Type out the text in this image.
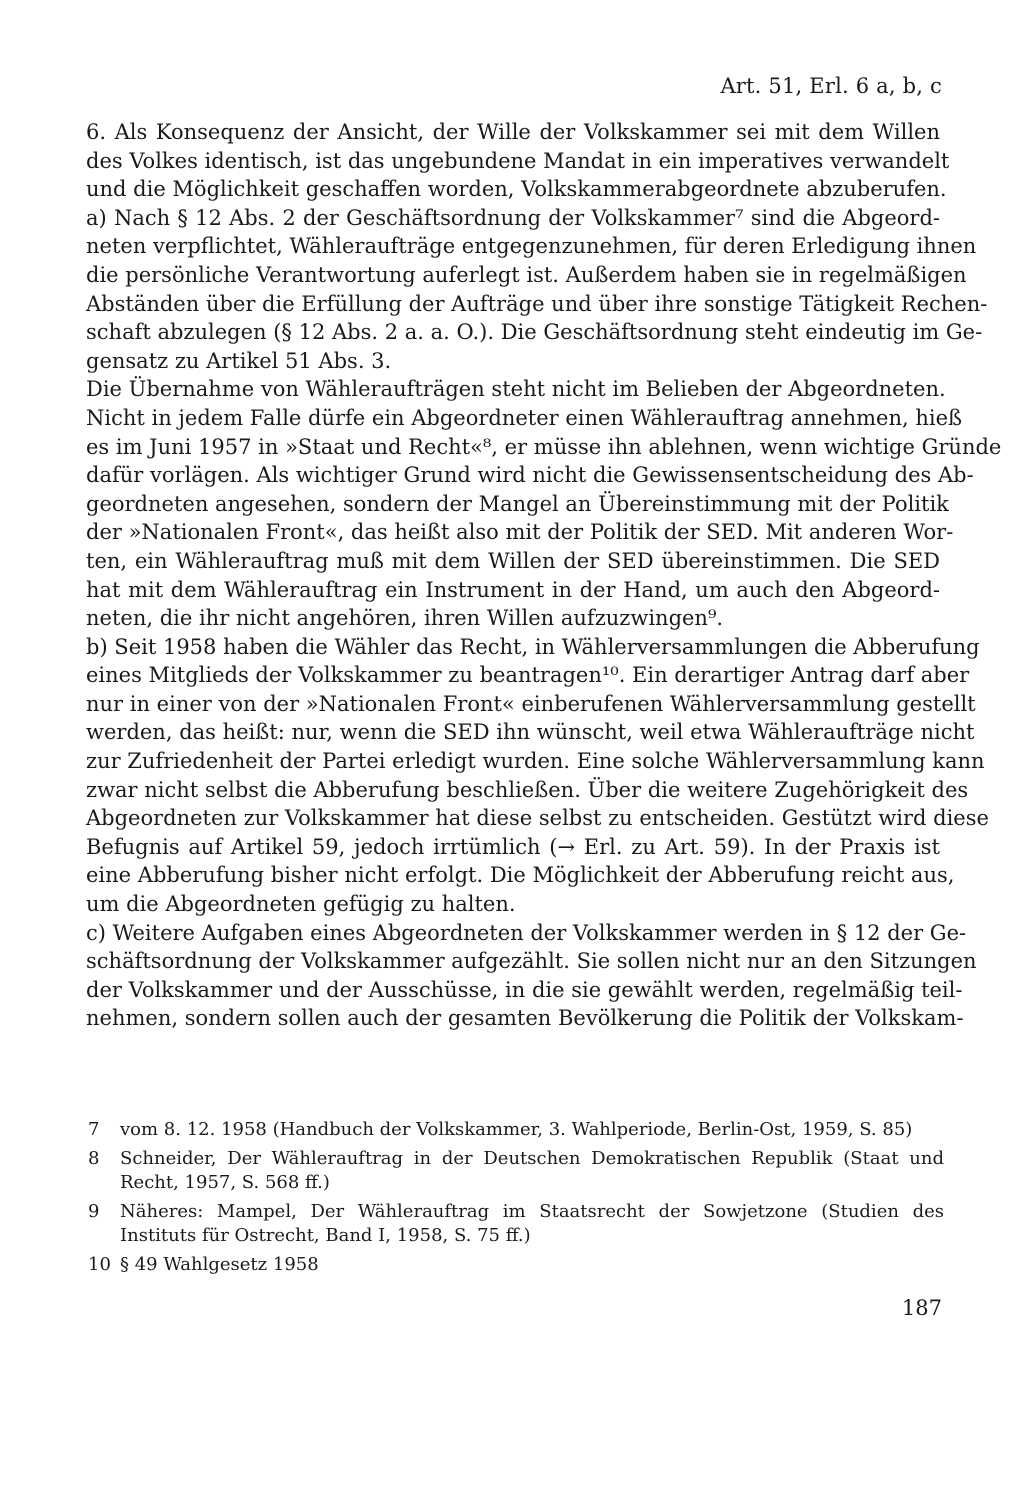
Art. 51, Erl. 6 a, b, c
6. Als Konsequenz der Ansicht, der Wille der Volkskammer sei mit dem Willen
des Volkes identisch, ist das ungebundene Mandat in ein imperatives verwandelt
und die Möglichkeit geschaffen worden, Volkskammerabgeordnete abzuberufen.
a) Nach § 12 Abs. 2 der Geschäftsordnung der Volkskammer⁷ sind die Abgeord-
neten verpflichtet, Wähleraufträge entgegenzunehmen, für deren Erledigung ihnen
die persönliche Verantwortung auferlegt ist. Außerdem haben sie in regelmäßigen
Abständen über die Erfüllung der Aufträge und über ihre sonstige Tätigkeit Rechen-
schaft abzulegen (§ 12 Abs. 2 a. a. O.). Die Geschäftsordnung steht eindeutig im Ge-
gensatz zu Artikel 51 Abs. 3.
Die Übernahme von Wähleraufträgen steht nicht im Belieben der Abgeordneten.
Nicht in jedem Falle dürfe ein Abgeordneter einen Wählerauftrag annehmen, hieß
es im Juni 1957 in »Staat und Recht«⁸, er müsse ihn ablehnen, wenn wichtige Gründe
dafür vorlägen. Als wichtiger Grund wird nicht die Gewissensentscheidung des Ab-
geordneten angesehen, sondern der Mangel an Übereinstimmung mit der Politik
der »Nationalen Front«, das heißt also mit der Politik der SED. Mit anderen Wor-
ten, ein Wählerauftrag muß mit dem Willen der SED übereinstimmen. Die SED
hat mit dem Wählerauftrag ein Instrument in der Hand, um auch den Abgeord-
neten, die ihr nicht angehören, ihren Willen aufzuzwingen⁹.
b) Seit 1958 haben die Wähler das Recht, in Wählerversammlungen die Abberufung
eines Mitglieds der Volkskammer zu beantragen¹⁰. Ein derartiger Antrag darf aber
nur in einer von der »Nationalen Front« einberufenen Wählerversammlung gestellt
werden, das heißt: nur, wenn die SED ihn wünscht, weil etwa Wähleraufträge nicht
zur Zufriedenheit der Partei erledigt wurden. Eine solche Wählerversammlung kann
zwar nicht selbst die Abberufung beschließen. Über die weitere Zugehörigkeit des
Abgeordneten zur Volkskammer hat diese selbst zu entscheiden. Gestützt wird diese
Befugnis auf Artikel 59, jedoch irrtümlich (→ Erl. zu Art. 59). In der Praxis ist
eine Abberufung bisher nicht erfolgt. Die Möglichkeit der Abberufung reicht aus,
um die Abgeordneten gefügig zu halten.
c) Weitere Aufgaben eines Abgeordneten der Volkskammer werden in § 12 der Ge-
schäftsordnung der Volkskammer aufgezählt. Sie sollen nicht nur an den Sitzungen
der Volkskammer und der Ausschüsse, in die sie gewählt werden, regelmäßig teil-
nehmen, sondern sollen auch der gesamten Bevölkerung die Politik der Volkskam-
7 vom 8. 12. 1958 (Handbuch der Volkskammer, 3. Wahlperiode, Berlin-Ost, 1959, S. 85)
8 Schneider, Der Wählerauftrag in der Deutschen Demokratischen Republik (Staat und
Recht, 1957, S. 568 ff.)
9 Näheres: Mampel, Der Wählerauftrag im Staatsrecht der Sowjetzone (Studien des
Instituts für Ostrecht, Band I, 1958, S. 75 ff.)
10 § 49 Wahlgesetz 1958
187
